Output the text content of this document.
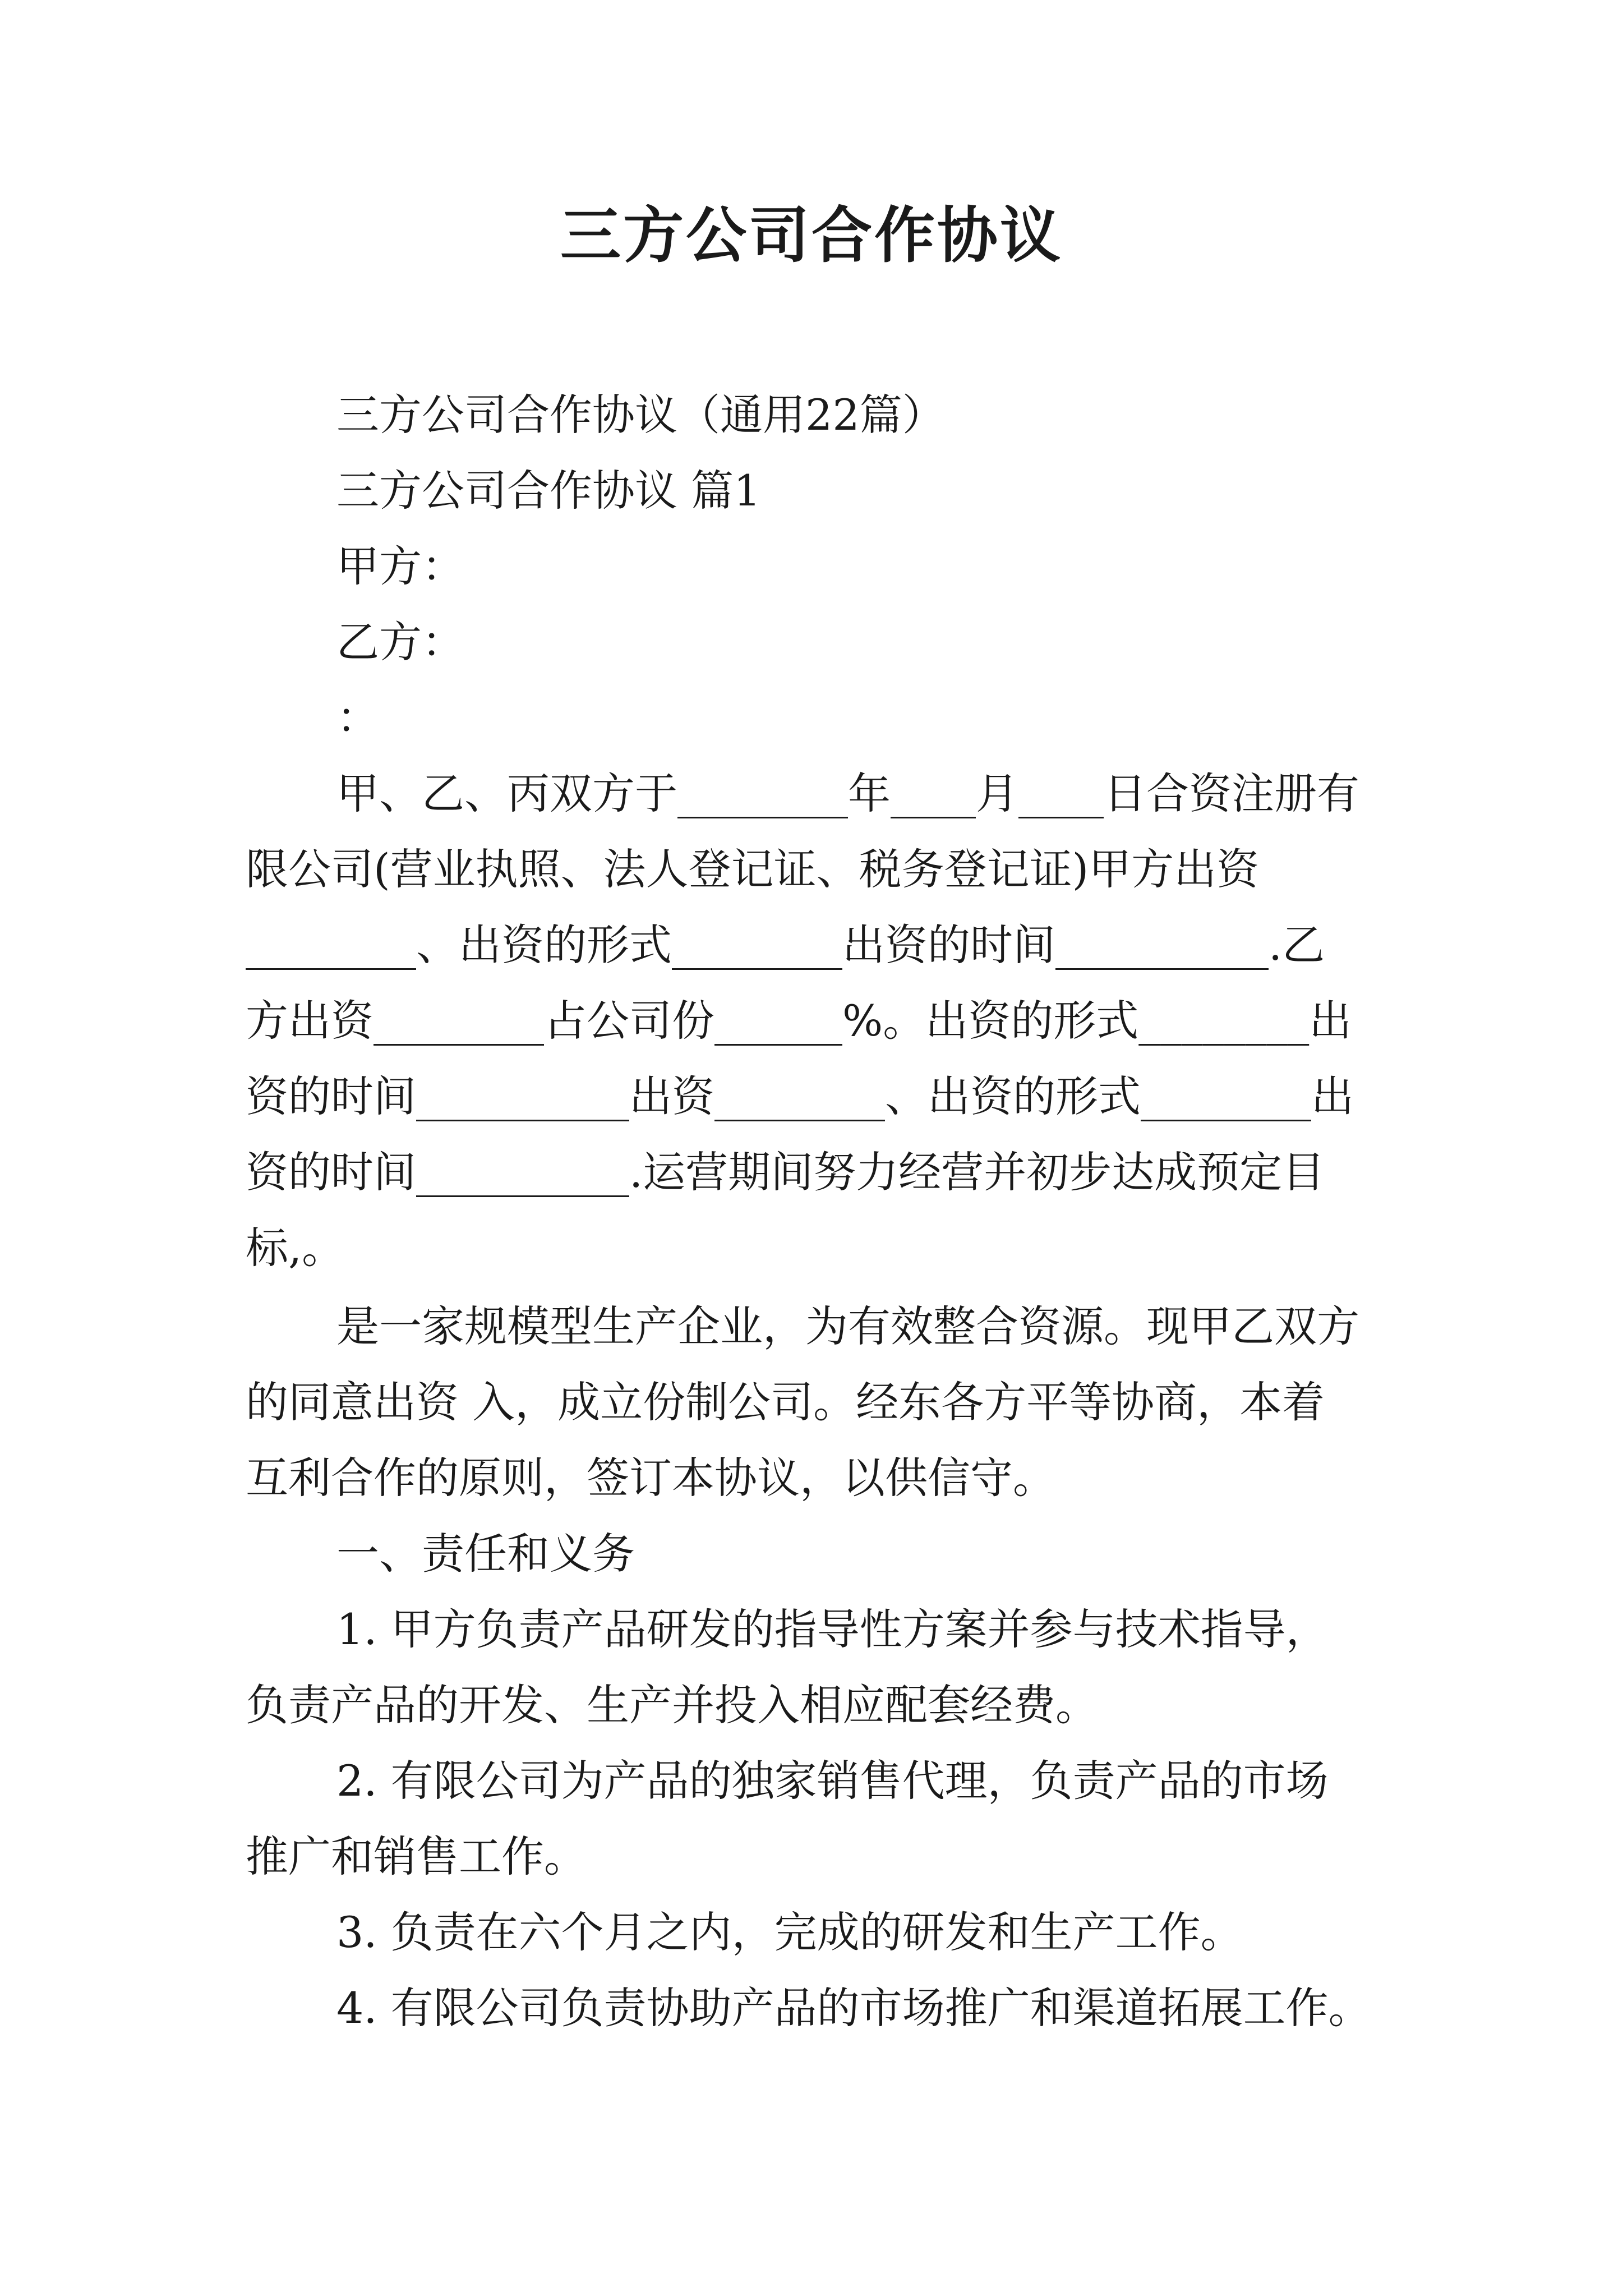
三方公司合作协议

三方公司合作协议（通用22篇）

三方公司合作协议 篇1

甲方：

乙方：

：

甲、乙、丙双方于________年____月____日合资注册有

限公司(营业执照、法人登记证、税务登记证)甲方出资

________、出资的形式________出资的时间__________.乙

方出资________占公司份______%。出资的形式________出

资的时间__________出资________、出资的形式________出

资的时间__________.运营期间努力经营并初步达成预定目

标,。

是一家规模型生产企业，为有效整合资源。现甲乙双方

的同意出资 入，成立份制公司。经东各方平等协商，本着

互利合作的原则，签订本协议，以供信守。

一、责任和义务

1. 甲方负责产品研发的指导性方案并参与技术指导，

负责产品的开发、生产并投入相应配套经费。

2. 有限公司为产品的独家销售代理，负责产品的市场

推广和销售工作。

3. 负责在六个月之内，完成的研发和生产工作。

4. 有限公司负责协助产品的市场推广和渠道拓展工作。
